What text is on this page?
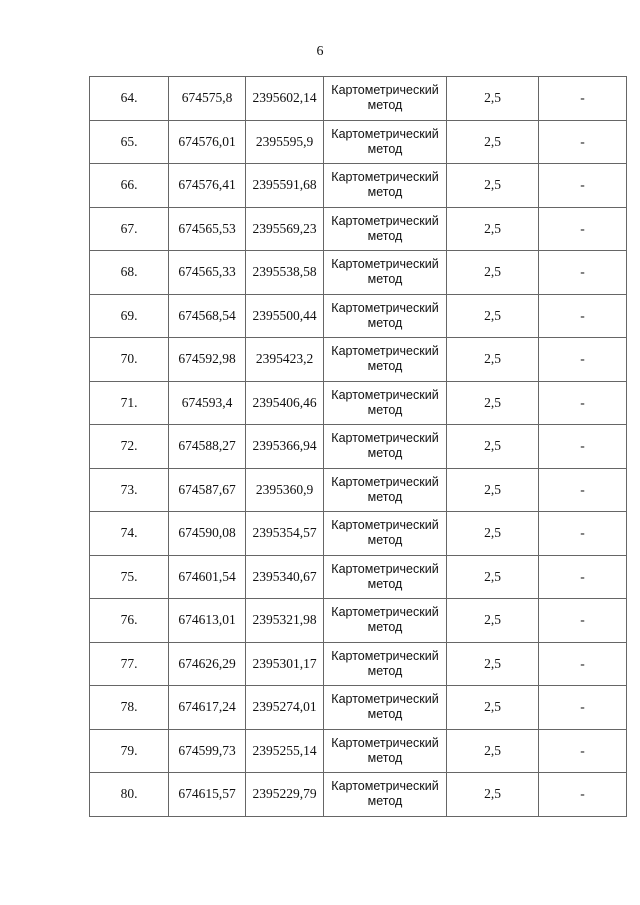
6
64.	674575,8	2395602,14	Картометрический метод	2,5	-
65.	674576,01	2395595,9	Картометрический метод	2,5	-
66.	674576,41	2395591,68	Картометрический метод	2,5	-
67.	674565,53	2395569,23	Картометрический метод	2,5	-
68.	674565,33	2395538,58	Картометрический метод	2,5	-
69.	674568,54	2395500,44	Картометрический метод	2,5	-
70.	674592,98	2395423,2	Картометрический метод	2,5	-
71.	674593,4	2395406,46	Картометрический метод	2,5	-
72.	674588,27	2395366,94	Картометрический метод	2,5	-
73.	674587,67	2395360,9	Картометрический метод	2,5	-
74.	674590,08	2395354,57	Картометрический метод	2,5	-
75.	674601,54	2395340,67	Картометрический метод	2,5	-
76.	674613,01	2395321,98	Картометрический метод	2,5	-
77.	674626,29	2395301,17	Картометрический метод	2,5	-
78.	674617,24	2395274,01	Картометрический метод	2,5	-
79.	674599,73	2395255,14	Картометрический метод	2,5	-
80.	674615,57	2395229,79	Картометрический метод	2,5	-
